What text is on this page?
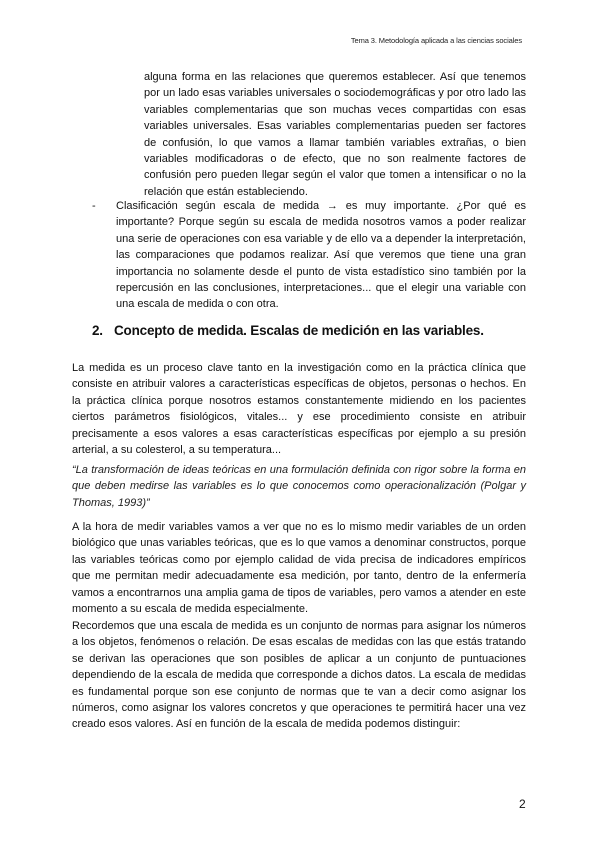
Tema 3. Metodología aplicada a las ciencias sociales
alguna forma en las relaciones que queremos establecer. Así que tenemos por un lado esas variables universales o sociodemográficas y por otro lado las variables complementarias que son muchas veces compartidas con esas variables universales. Esas variables complementarias pueden ser factores de confusión, lo que vamos a llamar también variables extrañas, o bien variables modificadoras o de efecto, que no son realmente factores de confusión pero pueden llegar según el valor que tomen a intensificar o no la relación que están estableciendo.
-	Clasificación según escala de medida → es muy importante. ¿Por qué es importante? Porque según su escala de medida nosotros vamos a poder realizar una serie de operaciones con esa variable y de ello va a depender la interpretación, las comparaciones que podamos realizar. Así que veremos que tiene una gran importancia no solamente desde el punto de vista estadístico sino también por la repercusión en las conclusiones, interpretaciones... que el elegir una variable con una escala de medida o con otra.
2. Concepto de medida. Escalas de medición en las variables.
La medida es un proceso clave tanto en la investigación como en la práctica clínica que consiste en atribuir valores a características específicas de objetos, personas o hechos. En la práctica clínica porque nosotros estamos constantemente midiendo en los pacientes ciertos parámetros fisiológicos, vitales... y ese procedimiento consiste en atribuir precisamente a esos valores a esas características específicas por ejemplo a su presión arterial, a su colesterol, a su temperatura...
“La transformación de ideas teóricas en una formulación definida con rigor sobre la forma en que deben medirse las variables es lo que conocemos como operacionalización (Polgar y Thomas, 1993)”
A la hora de medir variables vamos a ver que no es lo mismo medir variables de un orden biológico que unas variables teóricas, que es lo que vamos a denominar constructos, porque las variables teóricas como por ejemplo calidad de vida precisa de indicadores empíricos que me permitan medir adecuadamente esa medición, por tanto, dentro de la enfermería vamos a encontrarnos una amplia gama de tipos de variables, pero vamos a atender en este momento a su escala de medida especialmente.
Recordemos que una escala de medida es un conjunto de normas para asignar los números a los objetos, fenómenos o relación. De esas escalas de medidas con las que estás tratando se derivan las operaciones que son posibles de aplicar a un conjunto de puntuaciones dependiendo de la escala de medida que corresponde a dichos datos. La escala de medidas es fundamental porque son ese conjunto de normas que te van a decir como asignar los números, como asignar los valores concretos y que operaciones te permitirá hacer una vez creado esos valores. Así en función de la escala de medida podemos distinguir:
2
